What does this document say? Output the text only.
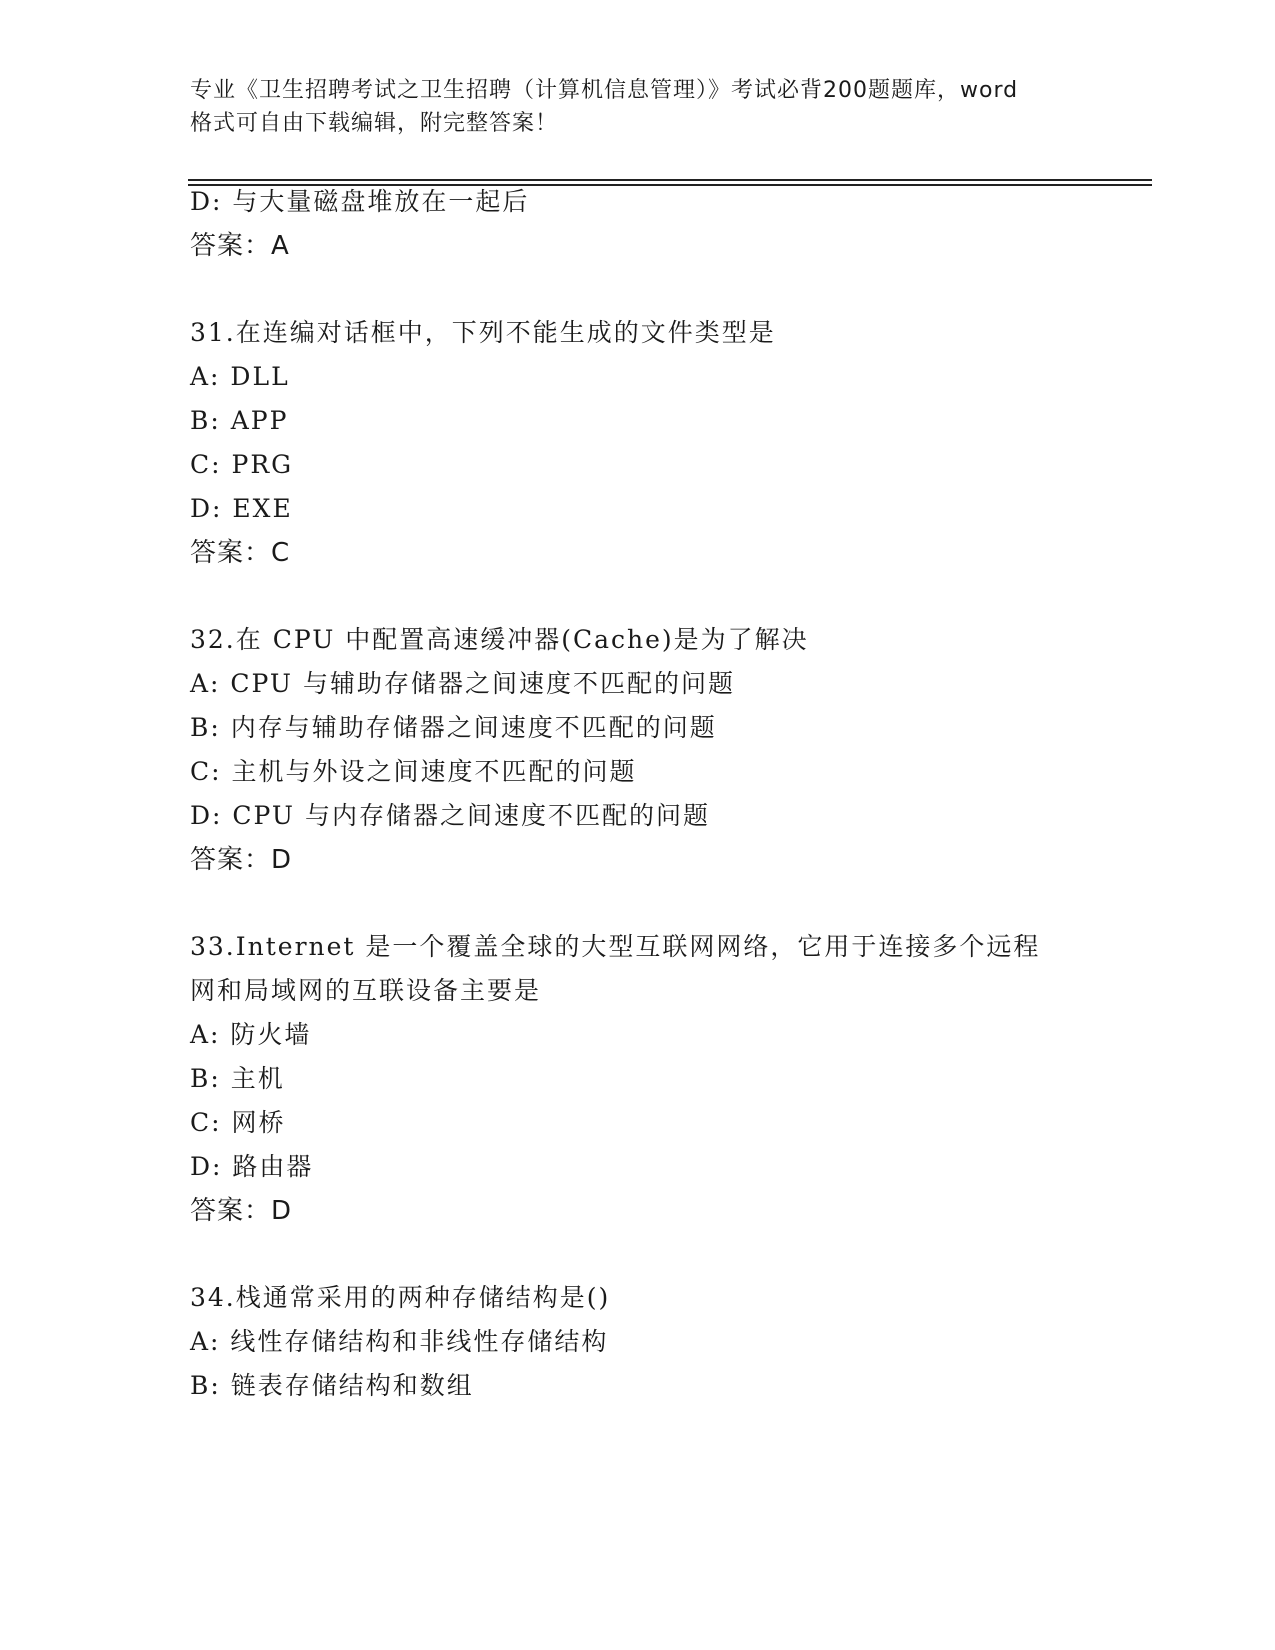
专业《卫生招聘考试之卫生招聘（计算机信息管理）》考试必背200题题库，word
格式可自由下载编辑，附完整答案！
D: 与大量磁盘堆放在一起后
答案：A
31.在连编对话框中，下列不能生成的文件类型是
A: DLL
B: APP
C: PRG
D: EXE
答案：C
32.在 CPU 中配置高速缓冲器(Cache)是为了解决
A: CPU 与辅助存储器之间速度不匹配的问题
B: 内存与辅助存储器之间速度不匹配的问题
C: 主机与外设之间速度不匹配的问题
D: CPU 与内存储器之间速度不匹配的问题
答案：D
33.Internet 是一个覆盖全球的大型互联网网络，它用于连接多个远程
网和局域网的互联设备主要是
A: 防火墙
B: 主机
C: 网桥
D: 路由器
答案：D
34.栈通常采用的两种存储结构是()
A: 线性存储结构和非线性存储结构
B: 链表存储结构和数组
